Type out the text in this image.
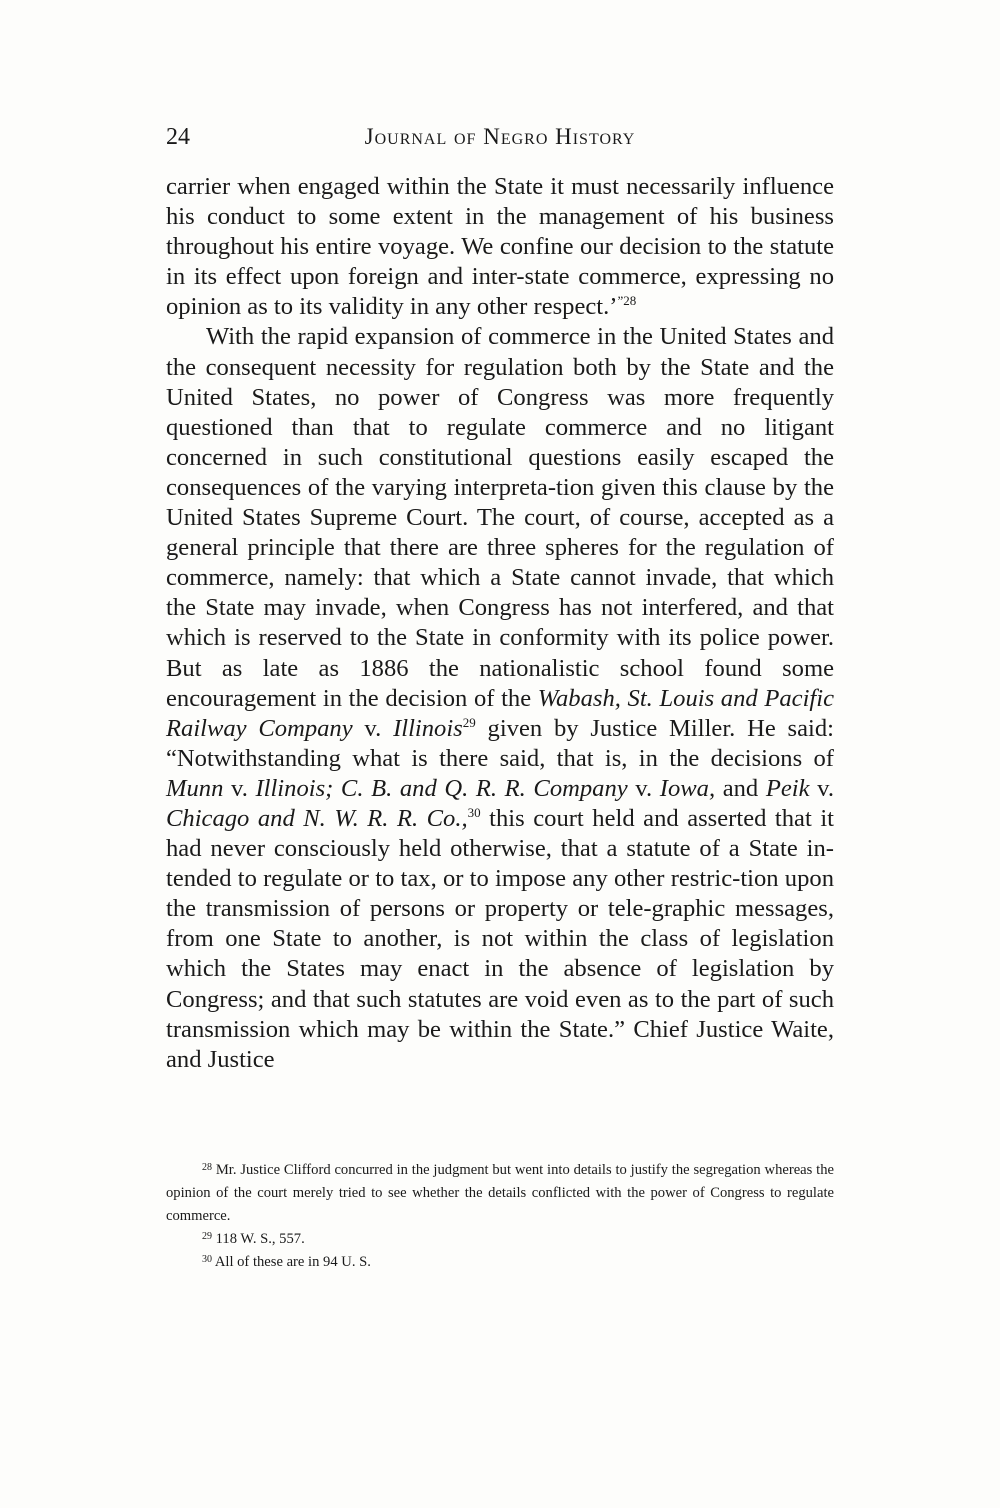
24	Journal of Negro History

carrier when engaged within the State it must necessarily influence his conduct to some extent in the management of his business throughout his entire voyage. We confine our decision to the statute in its effect upon foreign and inter-state commerce, expressing no opinion as to its validity in any other respect.’$^{”28}$

With the rapid expansion of commerce in the United States and the consequent necessity for regulation both by the State and the United States, no power of Congress was more frequently questioned than that to regulate commerce and no litigant concerned in such constitutional questions easily escaped the consequences of the varying interpreta-tion given this clause by the United States Supreme Court. The court, of course, accepted as a general principle that there are three spheres for the regulation of commerce, namely: that which a State cannot invade, that which the State may invade, when Congress has not interfered, and that which is reserved to the State in conformity with its police power. But as late as 1886 the nationalistic school found some encouragement in the decision of the Wabash, St. Louis and Pacific Railway Company v. Illinois$^{29}$ given by Justice Miller. He said: “Notwithstanding what is there said, that is, in the decisions of Munn v. Illinois; C. B. and Q. R. R. Company v. Iowa, and Peik v. Chicago and N. W. R. R. Co.,$^{30}$ this court held and asserted that it had never consciously held otherwise, that a statute of a State in-tended to regulate or to tax, or to impose any other restric-tion upon the transmission of persons or property or tele-graphic messages, from one State to another, is not within the class of legislation which the States may enact in the absence of legislation by Congress; and that such statutes are void even as to the part of such transmission which may be within the State.” Chief Justice Waite, and Justice

$^{28}$ Mr. Justice Clifford concurred in the judgment but went into details to justify the segregation whereas the opinion of the court merely tried to see whether the details conflicted with the power of Congress to regulate commerce.

$^{29}$ 118 W. S., 557.

$^{30}$ All of these are in 94 U. S.
